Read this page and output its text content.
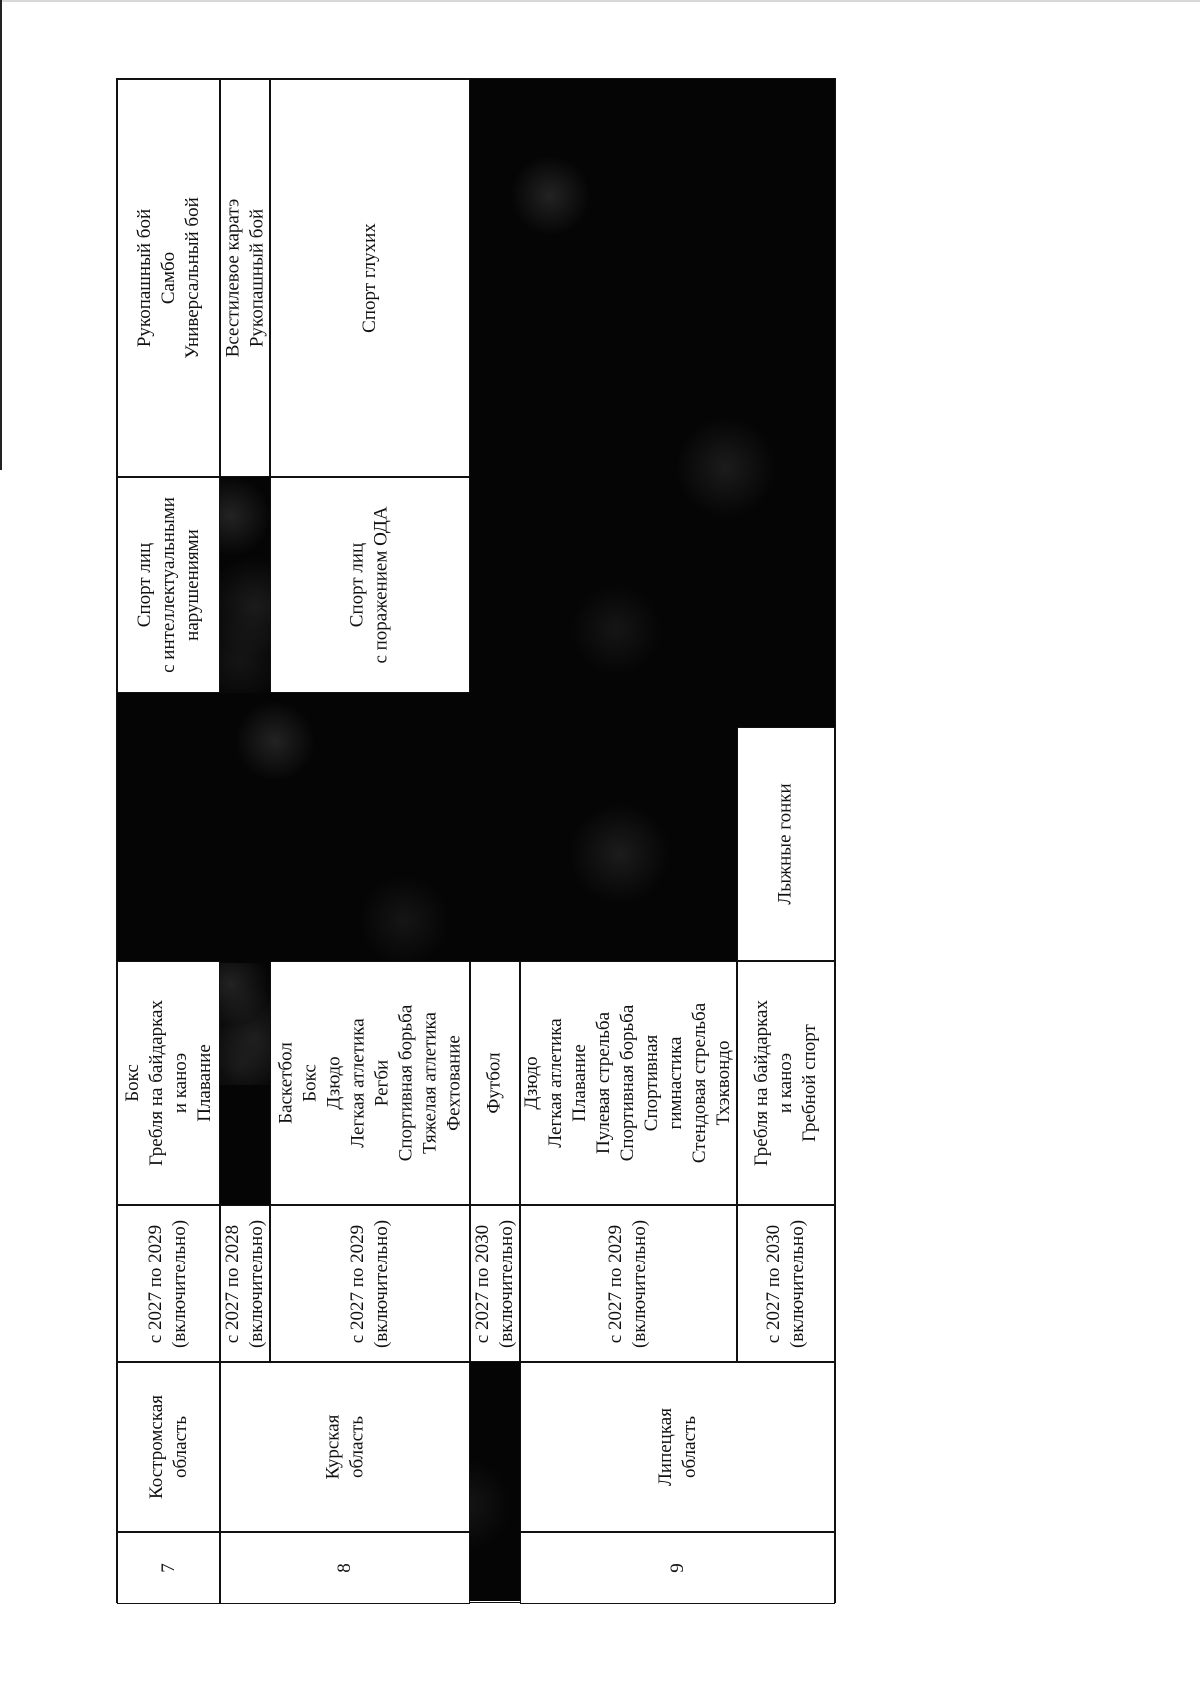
7
Костромская область
с 2027 по 2029 (включительно)
Бокс Гребля на байдарках и каноэ Плавание
Спорт лиц с интеллектуальными нарушениями
Рукопашный бой Самбо Универсальный бой
с 2027 по 2028 (включительно)
Всестилевое каратэ Рукопашный бой
8
Курская область
с 2027 по 2029 (включительно)
Баскетбол Бокс Дзюдо Легкая атлетика Регби Спортивная борьба Тяжелая атлетика Фехтование
Спорт лиц с поражением ОДА
Спорт глухих
с 2027 по 2030 (включительно)
Футбол
9
Липецкая область
с 2027 по 2029 (включительно)
Дзюдо Легкая атлетика Плавание Пулевая стрельба Спортивная борьба Спортивная гимнастика Стендовая стрельба Тхэквондо
с 2027 по 2030 (включительно)
Гребля на байдарках и каноэ Гребной спорт
Лыжные гонки
